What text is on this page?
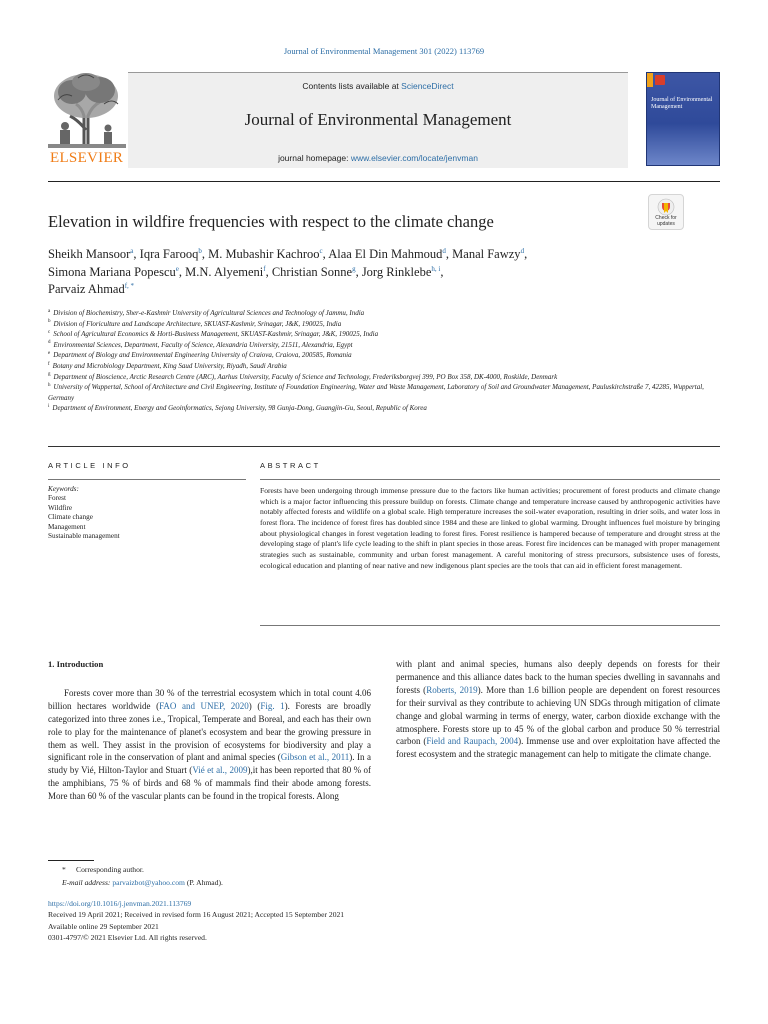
Journal of Environmental Management 301 (2022) 113769
ELSEVIER
Contents lists available at ScienceDirect
Journal of Environmental Management
journal homepage: www.elsevier.com/locate/jenvman
Journal of Environmental Management
Elevation in wildfire frequencies with respect to the climate change	Check for
updates
Sheikh Mansoor$^a$, Iqra Farooq$^b$, M. Mubashir Kachroo$^c$, Alaa El Din Mahmoud$^d$, Manal Fawzy$^d$,
Simona Mariana Popescu$^e$, M.N. Alyemeni$^f$, Christian Sonne$^g$, Jorg Rinklebe$^{h, i}$,
Parvaiz Ahmad$^{f, *}$
$^a$ Division of Biochemistry, Sher-e-Kashmir University of Agricultural Sciences and Technology of Jammu, India
$^b$ Division of Floriculture and Landscape Architecture, SKUAST-Kashmir, Srinagar, J&K, 190025, India
$^c$ School of Agricultural Economics & Horti-Business Management, SKUAST-Kashmir, Srinagar, J&K, 190025, India
$^d$ Environmental Sciences, Department, Faculty of Science, Alexandria University, 21511, Alexandria, Egypt
$^e$ Department of Biology and Environmental Engineering University of Craiova, Craiova, 200585, Romania
$^f$ Botany and Microbiology Department, King Saud University, Riyadh, Saudi Arabia
$^g$ Department of Bioscience, Arctic Research Centre (ARC), Aarhus University, Faculty of Science and Technology, Frederiksborgvej 399, PO Box 358, DK-4000, Roskilde, Denmark
$^h$ University of Wuppertal, School of Architecture and Civil Engineering, Institute of Foundation Engineering, Water and Waste Management, Laboratory of Soil and Groundwater Management, Pauluskirchstraße 7, 42285, Wuppertal, Germany
$^i$ Department of Environment, Energy and Geoinformatics, Sejong University, 98 Gunja-Dong, Guangjin-Gu, Seoul, Republic of Korea
ARTICLE INFO	ABSTRACT
Keywords:
Forest
Wildfire
Climate change
Management
Sustainable management
Forests have been undergoing through immense pressure due to the factors like human activities; procurement of forest products and climate change which is a major factor influencing this pressure buildup on forests. Climate change and temperature increase caused by anthropogenic activities have notably affected forests and wildlife on a global scale. High temperature increases the soil-water evaporation, resulting in drier soils, and water loss in forest flora. The incidence of forest fires has doubled since 1984 and these are linked to global warming. Drought influences fuel moisture by bringing about physiological changes in forest vegetation leading to forest fires. Forest resilience is hampered because of temperature and drought stress at the developing stage of plant's life cycle leading to the shift in plant species in those areas. Forest fire incidences can be managed with proper management strategies such as sustainable, community and urban forest management. A careful monitoring of stress precursors, subsistence uses of forests, ecological education and planting of near native and new indigenous plant species are the tools that can aid in efficient forest management.
1. Introduction

Forests cover more than 30 % of the terrestrial ecosystem which in total count 4.06 billion hectares worldwide (FAO and UNEP, 2020) (Fig. 1). Forests are broadly categorized into three zones i.e., Tropical, Temperate and Boreal, and each has their own role to play for the maintenance of planet's ecosystem and bear the growing pressure in them as well. They assist in the provision of ecosystems for biodiversity and play a significant role in the conservation of plant and animal species (Gibson et al., 2011). In a study by Vié, Hilton-Taylor and Stuart (Vié et al., 2009),it has been reported that 80 % of the amphibians, 75 % of birds and 68 % of mammals find their abode among forests. More than 60 % of the vascular plants can be found in the tropical forests. Along

with plant and animal species, humans also deeply depends on forests for their permanence and this alliance dates back to the human species dwelling in savannahs and forests (Roberts, 2019). More than 1.6 billion people are dependent on forest resources for their survival as they contribute to achieving UN SDGs through mitigation of climate change and global warming in terms of energy, water, carbon dioxide exchange with the atmosphere. Forests store up to 45 % of the global carbon and produce 50 % terrestrial carbon (Field and Raupach, 2004). Immense use and over exploitation have affected the forest ecosystem and the strategic management can help to mitigate the climate change.

* Corresponding author.
E-mail address: parvaizbot@yahoo.com (P. Ahmad).
https://doi.org/10.1016/j.jenvman.2021.113769
Received 19 April 2021; Received in revised form 16 August 2021; Accepted 15 September 2021
Available online 29 September 2021
0301-4797/© 2021 Elsevier Ltd. All rights reserved.
